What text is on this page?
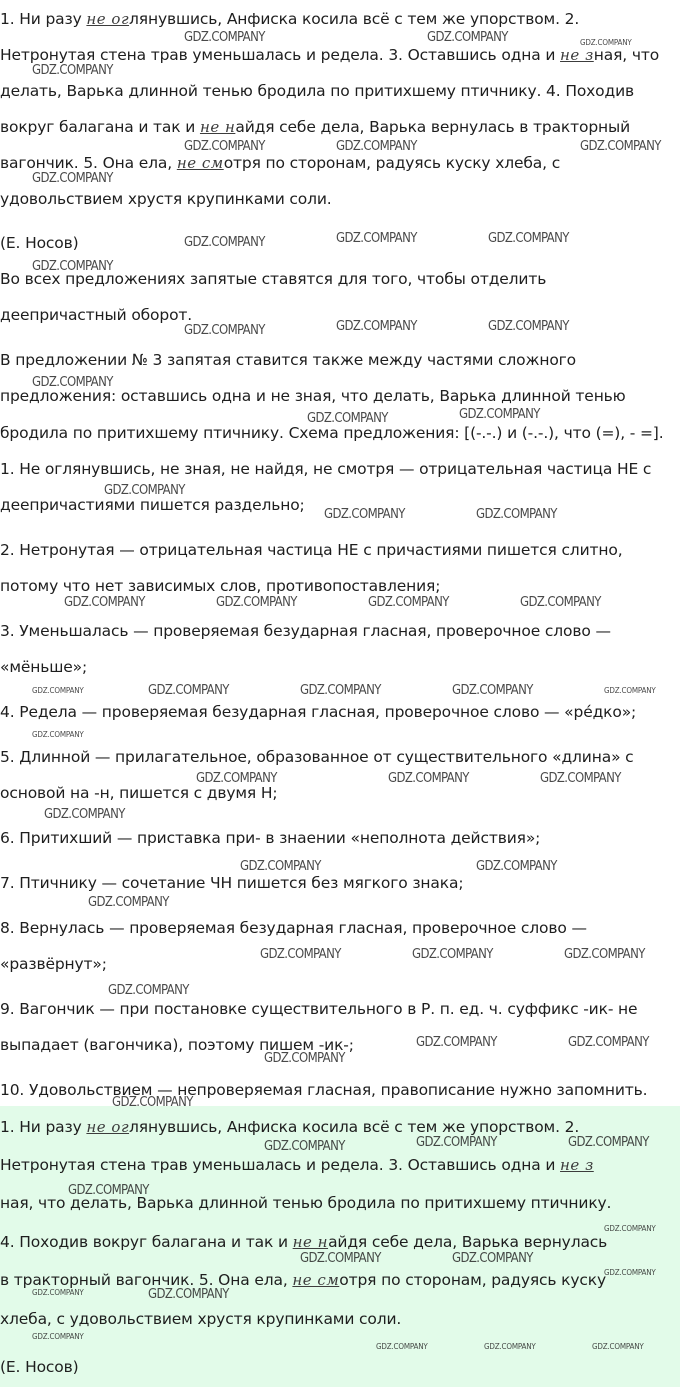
1. Ни разу не оглянувшись, Анфиска косила всё с тем же упорством. 2.
Нетронутая стена трав уменьшалась и редела. 3. Оставшись одна и не зная, что
делать, Варька длинной тенью бродила по притихшему птичнику. 4. Походив
вокруг балагана и так и не найдя себе дела, Варька вернулась в тракторный
вагончик. 5. Она ела, не смотря по сторонам, радуясь куску хлеба, с
удовольствием хрустя крупинками соли.
(Е. Носов)
Во всех предложениях запятые ставятся для того, чтобы отделить
деепричастный оборот.
В предложении № 3 запятая ставится также между частями сложного
предложения: оставшись одна и не зная, что делать, Варька длинной тенью
бродила по притихшему птичнику. Схема предложения: [(-.-.) и (-.-.), что (=), - =].
1. Не оглянувшись, не зная, не найдя, не смотря — отрицательная частица НЕ с
деепричастиями пишется раздельно;
2. Нетронутая — отрицательная частица НЕ с причастиями пишется слитно,
потому что нет зависимых слов, противопоставления;
3. Уменьшалась — проверяемая безударная гласная, проверочное слово —
«мёньше»;
4. Редела — проверяемая безударная гласная, проверочное слово — «рéдко»;
5. Длинной — прилагательное, образованное от существительного «длина» с
основой на -н, пишется с двумя Н;
6. Притихший — приставка при- в знаении «неполнота действия»;
7. Птичнику — сочетание ЧН пишется без мягкого знака;
8. Вернулась — проверяемая безударная гласная, проверочное слово —
«развёрнут»;
9. Вагончик — при постановке существительного в Р. п. ед. ч. суффикс -ик- не
выпадает (вагончика), поэтому пишем -ик-;
10. Удовольствием — непроверяемая гласная, правописание нужно запомнить.
1. Ни разу не оглянувшись, Анфиска косила всё с тем же упорством. 2.
Нетронутая стена трав уменьшалась и редела. 3. Оставшись одна и не з
ная, что делать, Варька длинной тенью бродила по притихшему птичнику.
4. Походив вокруг балагана и так и не найдя себе дела, Варька вернулась
в тракторный вагончик. 5. Она ела, не смотря по сторонам, радуясь куску
хлеба, с удовольствием хрустя крупинками соли.
(Е. Носов)
GDZ.COMPANY	GDZ.COMPANY	GDZ.COMPANY
GDZ.COMPANY
GDZ.COMPANY	GDZ.COMPANY	GDZ.COMPANY
GDZ.COMPANY
GDZ.COMPANY	GDZ.COMPANY	GDZ.COMPANY
GDZ.COMPANY
GDZ.COMPANY	GDZ.COMPANY	GDZ.COMPANY
GDZ.COMPANY
GDZ.COMPANY	GDZ.COMPANY
GDZ.COMPANY
GDZ.COMPANY	GDZ.COMPANY
GDZ.COMPANY	GDZ.COMPANY	GDZ.COMPANY	GDZ.COMPANY
GDZ.COMPANY	GDZ.COMPANY	GDZ.COMPANY	GDZ.COMPANY	GDZ.COMPANY
GDZ.COMPANY
GDZ.COMPANY	GDZ.COMPANY	GDZ.COMPANY
GDZ.COMPANY
GDZ.COMPANY	GDZ.COMPANY
GDZ.COMPANY
GDZ.COMPANY	GDZ.COMPANY	GDZ.COMPANY
GDZ.COMPANY
GDZ.COMPANY	GDZ.COMPANY
GDZ.COMPANY
GDZ.COMPANY
GDZ.COMPANY	GDZ.COMPANY	GDZ.COMPANY
GDZ.COMPANY
GDZ.COMPANY
GDZ.COMPANY	GDZ.COMPANY
GDZ.COMPANY	GDZ.COMPANY
GDZ.COMPANY
GDZ.COMPANY
GDZ.COMPANY	GDZ.COMPANY	GDZ.COMPANY
